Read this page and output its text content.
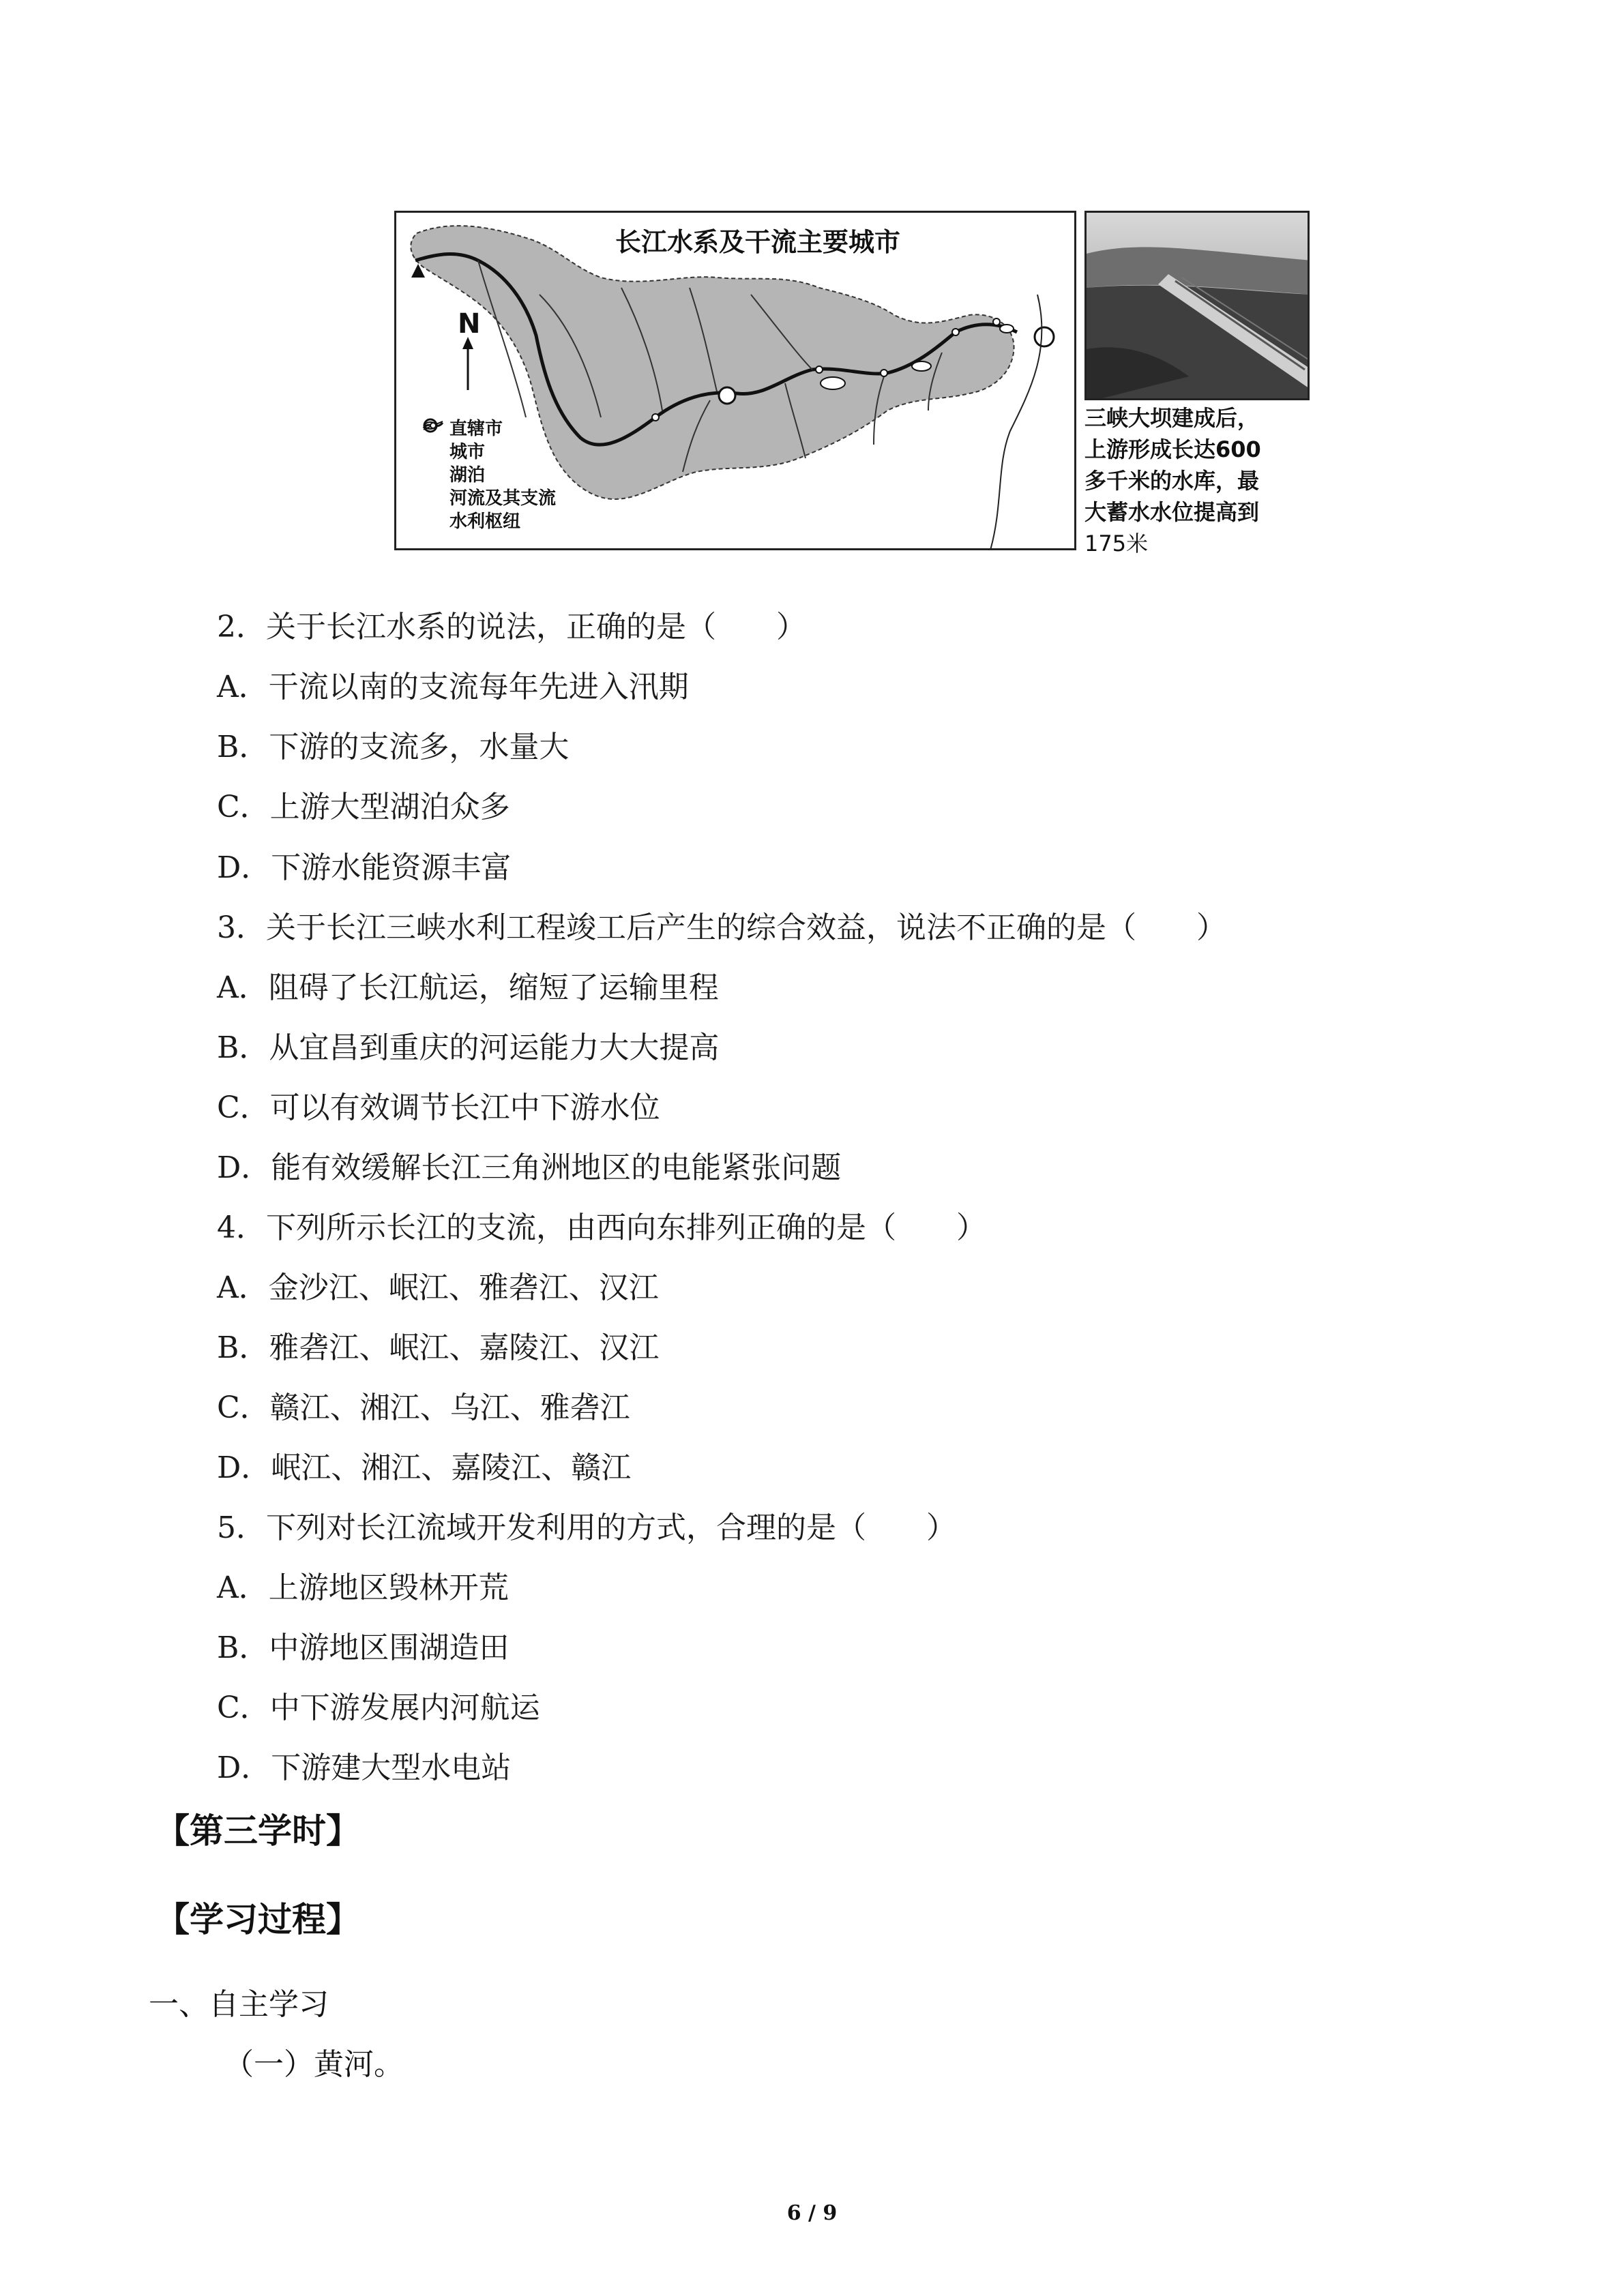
长江水系及干流主要城市
N
直辖市
城市
湖泊
河流及其支流
水利枢纽
三峡大坝建成后，
上游形成长达600
多千米的水库，最
大蓄水水位提高到
175米
2．关于长江水系的说法，正确的是（　　）
A．干流以南的支流每年先进入汛期
B．下游的支流多，水量大
C．上游大型湖泊众多
D．下游水能资源丰富
3．关于长江三峡水利工程竣工后产生的综合效益，说法不正确的是（　　）
A．阻碍了长江航运，缩短了运输里程
B．从宜昌到重庆的河运能力大大提高
C．可以有效调节长江中下游水位
D．能有效缓解长江三角洲地区的电能紧张问题
4．下列所示长江的支流，由西向东排列正确的是（　　）
A．金沙江、岷江、雅砻江、汉江
B．雅砻江、岷江、嘉陵江、汉江
C．赣江、湘江、乌江、雅砻江
D．岷江、湘江、嘉陵江、赣江
5．下列对长江流域开发利用的方式，合理的是（　　）
A．上游地区毁林开荒
B．中游地区围湖造田
C．中下游发展内河航运
D．下游建大型水电站
【第三学时】
【学习过程】
一、自主学习
（一）黄河。
6 / 9
